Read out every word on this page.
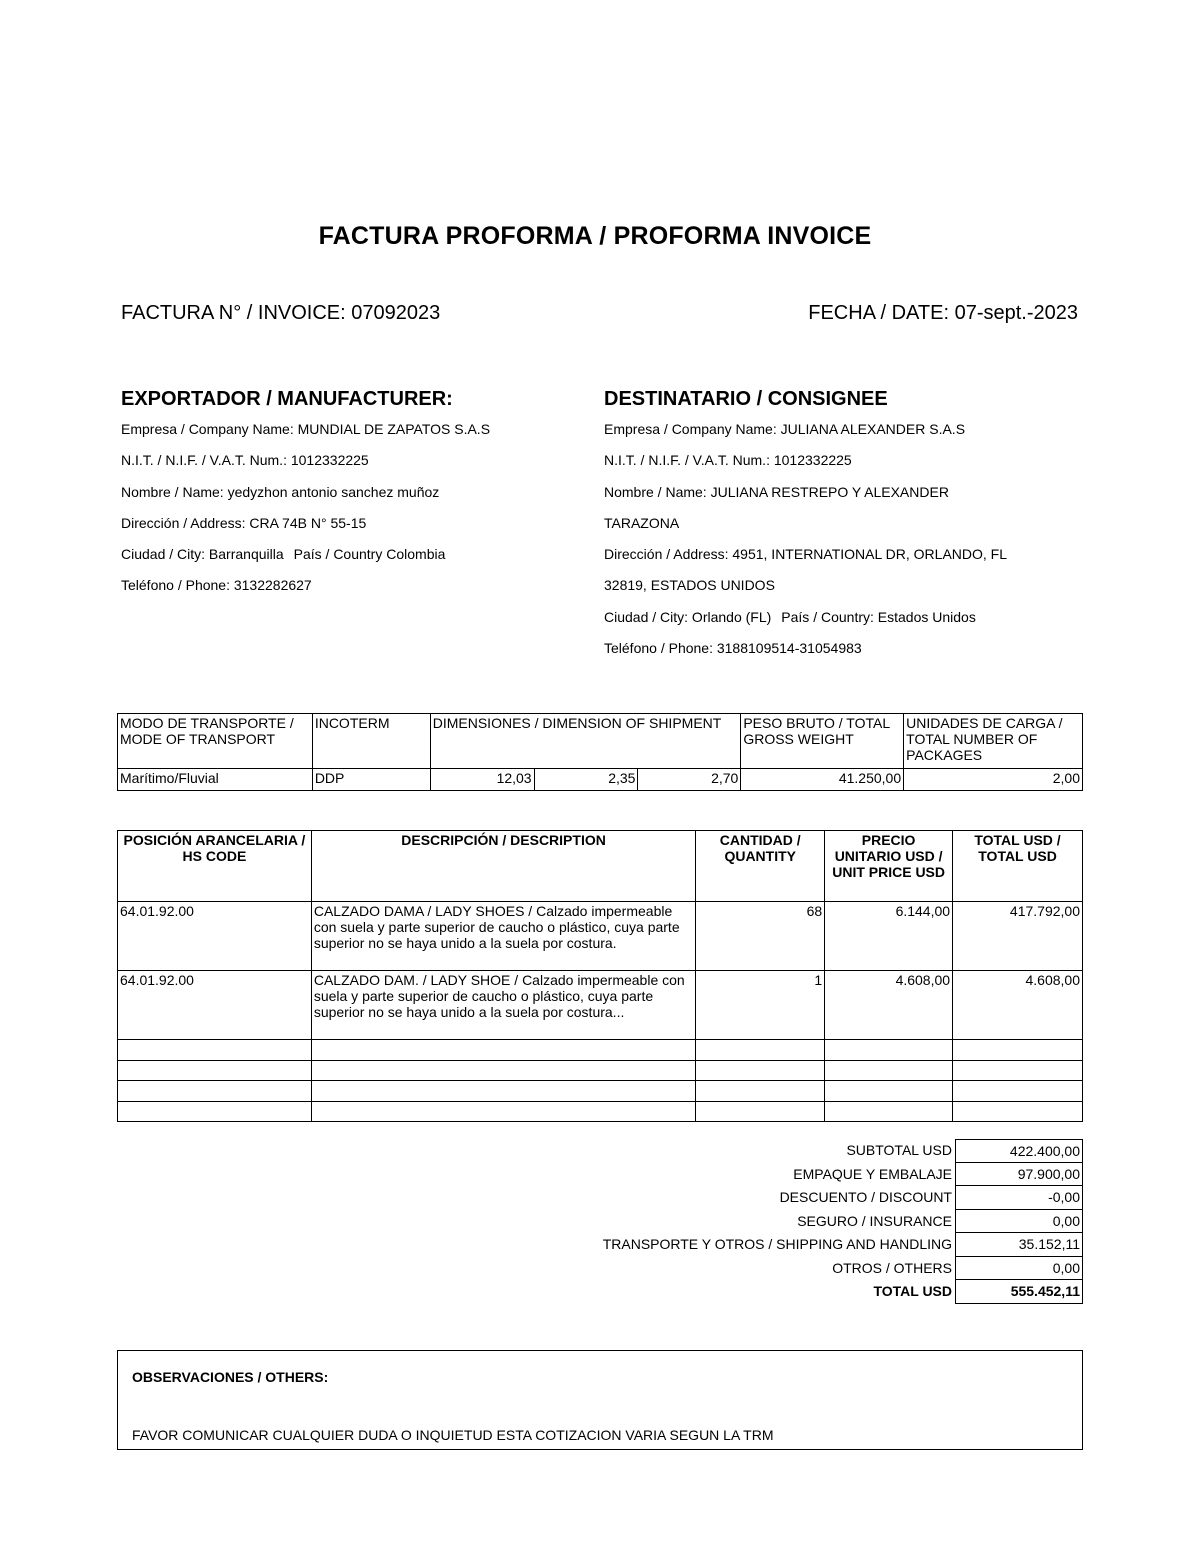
FACTURA PROFORMA / PROFORMA INVOICE
FACTURA N° / INVOICE: 07092023	FECHA / DATE: 07-sept.-2023
EXPORTADOR / MANUFACTURER:
Empresa / Company Name: MUNDIAL DE ZAPATOS S.A.S
N.I.T. / N.I.F. / V.A.T. Num.: 1012332225
Nombre / Name: yedyzhon antonio sanchez muñoz
Dirección / Address: CRA 74B N° 55-15
Ciudad / City: Barranquilla País / Country Colombia
Teléfono / Phone: 3132282627
DESTINATARIO / CONSIGNEE
Empresa / Company Name: JULIANA ALEXANDER S.A.S
N.I.T. / N.I.F. / V.A.T. Num.: 1012332225
Nombre / Name: JULIANA RESTREPO Y ALEXANDER
TARAZONA
Dirección / Address: 4951, INTERNATIONAL DR, ORLANDO, FL
32819, ESTADOS UNIDOS
Ciudad / City: Orlando (FL) País / Country: Estados Unidos
Teléfono / Phone: 3188109514-31054983
MODO DE TRANSPORTE / MODE OF TRANSPORT	INCOTERM	DIMENSIONES / DIMENSION OF SHIPMENT			PESO BRUTO / TOTAL GROSS WEIGHT	UNIDADES DE CARGA / TOTAL NUMBER OF PACKAGES
Marítimo/Fluvial	DDP	12,03	2,35	2,70	41.250,00	2,00
POSICIÓN ARANCELARIA / HS CODE	DESCRIPCIÓN / DESCRIPTION	CANTIDAD / QUANTITY	PRECIO UNITARIO USD / UNIT PRICE USD	TOTAL USD / TOTAL USD
64.01.92.00	CALZADO DAMA / LADY SHOES / Calzado impermeable con suela y parte superior de caucho o plástico, cuya parte superior no se haya unido a la suela por costura.	68	6.144,00	417.792,00
64.01.92.00	CALZADO DAM. / LADY SHOE / Calzado impermeable con suela y parte superior de caucho o plástico, cuya parte superior no se haya unido a la suela por costura...	1	4.608,00	4.608,00

SUBTOTAL USD	422.400,00
EMPAQUE Y EMBALAJE	97.900,00
DESCUENTO / DISCOUNT	-0,00
SEGURO / INSURANCE	0,00
TRANSPORTE Y OTROS / SHIPPING AND HANDLING	35.152,11
OTROS / OTHERS	0,00
TOTAL USD	555.452,11
OBSERVACIONES / OTHERS:
FAVOR COMUNICAR CUALQUIER DUDA O INQUIETUD ESTA COTIZACION VARIA SEGUN LA TRM
